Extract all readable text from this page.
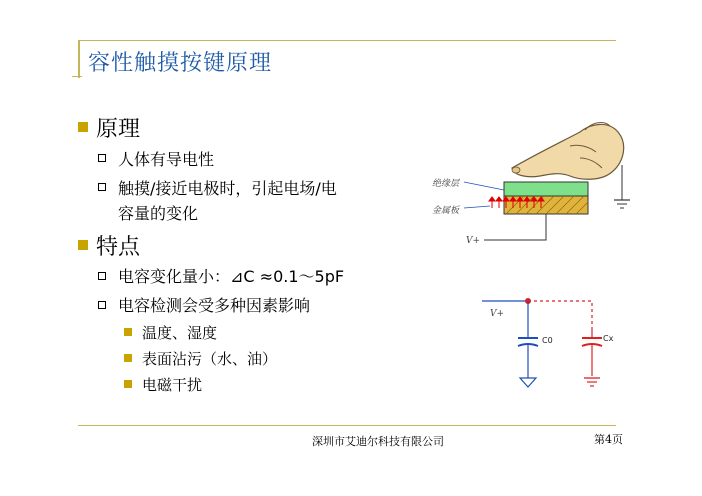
容性触摸按键原理
原理
人体有导电性
触摸/接近电极时，引起电场/电
容量的变化
特点
电容变化量小：⊿C ≈0.1～5pF
电容检测会受多种因素影响
温度、湿度
表面沾污（水、油）
电磁干扰
绝缘层
金属板
V+
V+
C0	Cx
深圳市艾迪尔科技有限公司	第4页
